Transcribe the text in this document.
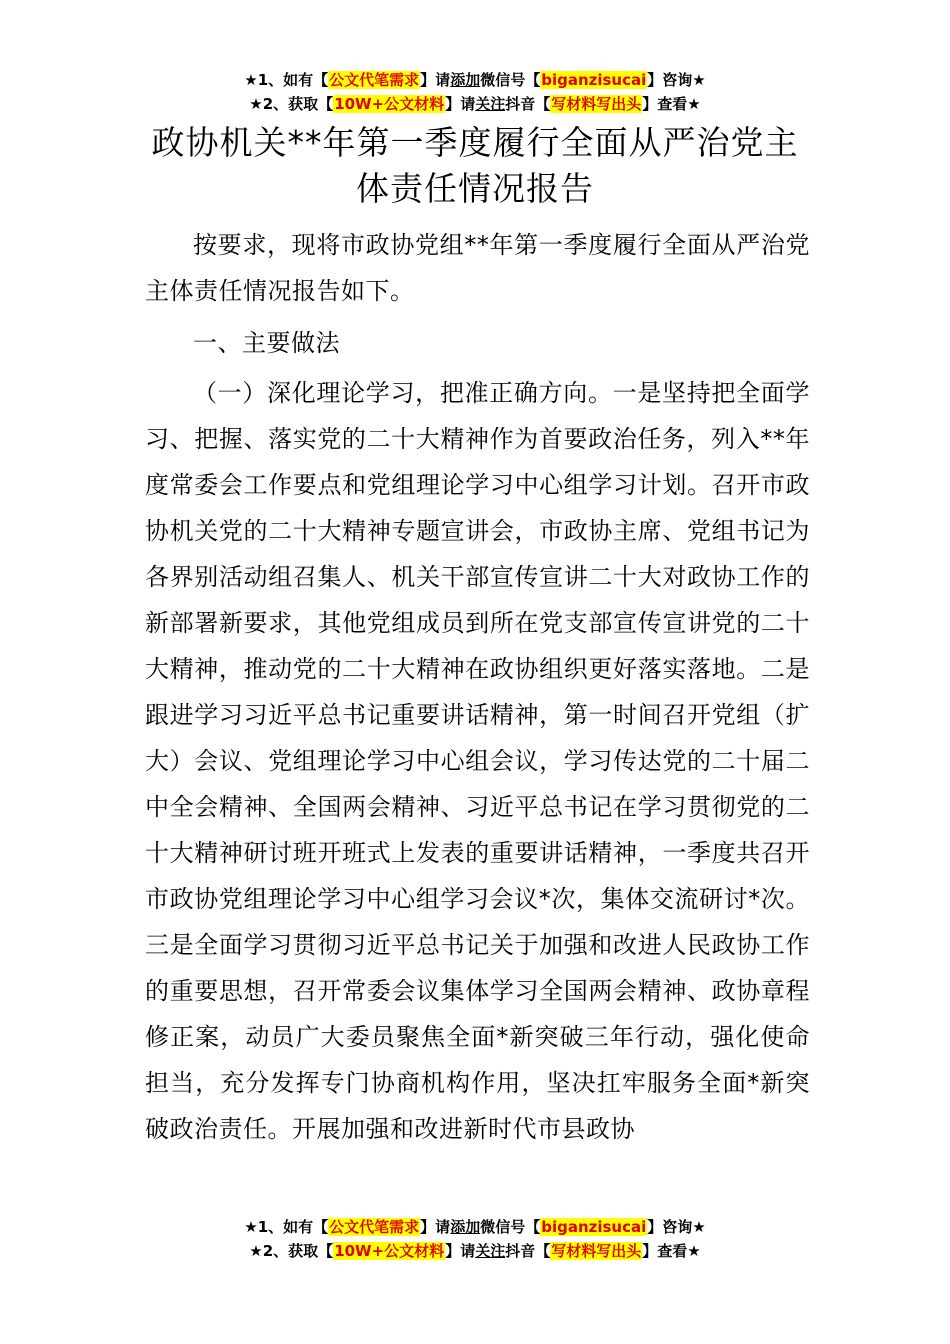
★1、如有【公文代笔需求】请添加微信号【biganzisucai】咨询★
★2、获取【10W+公文材料】请关注抖音【写材料写出头】查看★
政协机关**年第一季度履行全面从严治党主
体责任情况报告

按要求，现将市政协党组**年第一季度履行全面从严治党主体责任情况报告如下。

一、主要做法

（一）深化理论学习，把准正确方向。一是坚持把全面学习、把握、落实党的二十大精神作为首要政治任务，列入**年度常委会工作要点和党组理论学习中心组学习计划。召开市政协机关党的二十大精神专题宣讲会，市政协主席、党组书记为各界别活动组召集人、机关干部宣传宣讲二十大对政协工作的新部署新要求，其他党组成员到所在党支部宣传宣讲党的二十大精神，推动党的二十大精神在政协组织更好落实落地。二是跟进学习习近平总书记重要讲话精神，第一时间召开党组（扩大）会议、党组理论学习中心组会议，学习传达党的二十届二中全会精神、全国两会精神、习近平总书记在学习贯彻党的二十大精神研讨班开班式上发表的重要讲话精神，一季度共召开市政协党组理论学习中心组学习会议*次，集体交流研讨*次。三是全面学习贯彻习近平总书记关于加强和改进人民政协工作的重要思想，召开常委会议集体学习全国两会精神、政协章程修正案，动员广大委员聚焦全面*新突破三年行动，强化使命担当，充分发挥专门协商机构作用，坚决扛牢服务全面*新突破政治责任。开展加强和改进新时代市县政协

★1、如有【公文代笔需求】请添加微信号【biganzisucai】咨询★
★2、获取【10W+公文材料】请关注抖音【写材料写出头】查看★
